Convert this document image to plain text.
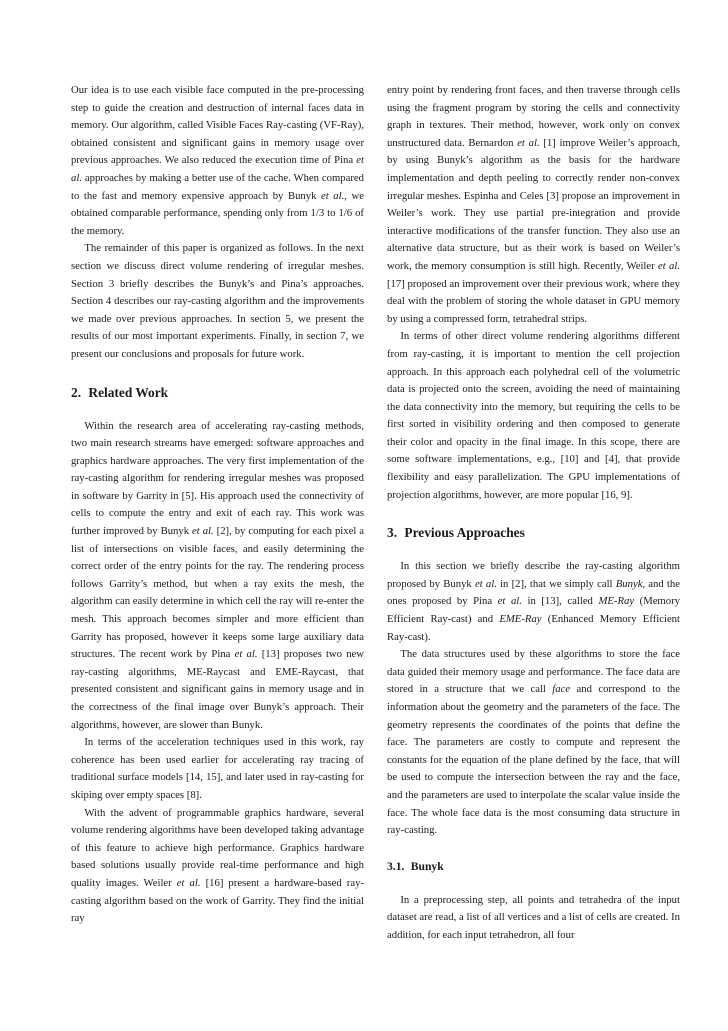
Our idea is to use each visible face computed in the pre-processing step to guide the creation and destruction of internal faces data in memory. Our algorithm, called Visible Faces Ray-casting (VF-Ray), obtained consistent and significant gains in memory usage over previous approaches. We also reduced the execution time of Pina et al. approaches by making a better use of the cache. When compared to the fast and memory expensive approach by Bunyk et al., we obtained comparable performance, spending only from 1/3 to 1/6 of the memory.

The remainder of this paper is organized as follows. In the next section we discuss direct volume rendering of irregular meshes. Section 3 briefly describes the Bunyk’s and Pina’s approaches. Section 4 describes our ray-casting algorithm and the improvements we made over previous approaches. In section 5, we present the results of our most important experiments. Finally, in section 7, we present our conclusions and proposals for future work.

2. Related Work

Within the research area of accelerating ray-casting methods, two main research streams have emerged: software approaches and graphics hardware approaches. The very first implementation of the ray-casting algorithm for rendering irregular meshes was proposed in software by Garrity in [5]. His approach used the connectivity of cells to compute the entry and exit of each ray. This work was further improved by Bunyk et al. [2], by computing for each pixel a list of intersections on visible faces, and easily determining the correct order of the entry points for the ray. The rendering process follows Garrity’s method, but when a ray exits the mesh, the algorithm can easily determine in which cell the ray will re-enter the mesh. This approach becomes simpler and more efficient than Garrity has proposed, however it keeps some large auxiliary data structures. The recent work by Pina et al. [13] proposes two new ray-casting algorithms, ME-Raycast and EME-Raycast, that presented consistent and significant gains in memory usage and in the correctness of the final image over Bunyk’s approach. Their algorithms, however, are slower than Bunyk.

In terms of the acceleration techniques used in this work, ray coherence has been used earlier for accelerating ray tracing of traditional surface models [14, 15], and later used in ray-casting for skiping over empty spaces [8].

With the advent of programmable graphics hardware, several volume rendering algorithms have been developed taking advantage of this feature to achieve high performance. Graphics hardware based solutions usually provide real-time performance and high quality images. Weiler et al. [16] present a hardware-based ray-casting algorithm based on the work of Garrity. They find the initial ray

entry point by rendering front faces, and then traverse through cells using the fragment program by storing the cells and connectivity graph in textures. Their method, however, work only on convex unstructured data. Bernardon et al. [1] improve Weiler’s approach, by using Bunyk’s algorithm as the basis for the hardware implementation and depth peeling to correctly render non-convex irregular meshes. Espinha and Celes [3] propose an improvement in Weiler’s work. They use partial pre-integration and provide interactive modifications of the transfer function. They also use an alternative data structure, but as their work is based on Weiler’s work, the memory consumption is still high. Recently, Weiler et al. [17] proposed an improvement over their previous work, where they deal with the problem of storing the whole dataset in GPU memory by using a compressed form, tetrahedral strips.

In terms of other direct volume rendering algorithms different from ray-casting, it is important to mention the cell projection approach. In this approach each polyhedral cell of the volumetric data is projected onto the screen, avoiding the need of maintaining the data connectivity into the memory, but requiring the cells to be first sorted in visibility ordering and then composed to generate their color and opacity in the final image. In this scope, there are some software implementations, e.g., [10] and [4], that provide flexibility and easy parallelization. The GPU implementations of projection algorithms, however, are more popular [16, 9].

3. Previous Approaches

In this section we briefly describe the ray-casting algorithm proposed by Bunyk et al. in [2], that we simply call Bunyk, and the ones proposed by Pina et al. in [13], called ME-Ray (Memory Efficient Ray-cast) and EME-Ray (Enhanced Memory Efficient Ray-cast).

The data structures used by these algorithms to store the face data guided their memory usage and performance. The face data are stored in a structure that we call face and correspond to the information about the geometry and the parameters of the face. The geometry represents the coordinates of the points that define the face. The parameters are costly to compute and represent the constants for the equation of the plane defined by the face, that will be used to compute the intersection between the ray and the face, and the parameters are used to interpolate the scalar value inside the face. The whole face data is the most consuming data structure in ray-casting.

3.1. Bunyk

In a preprocessing step, all points and tetrahedra of the input dataset are read, a list of all vertices and a list of cells are created. In addition, for each input tetrahedron, all four
